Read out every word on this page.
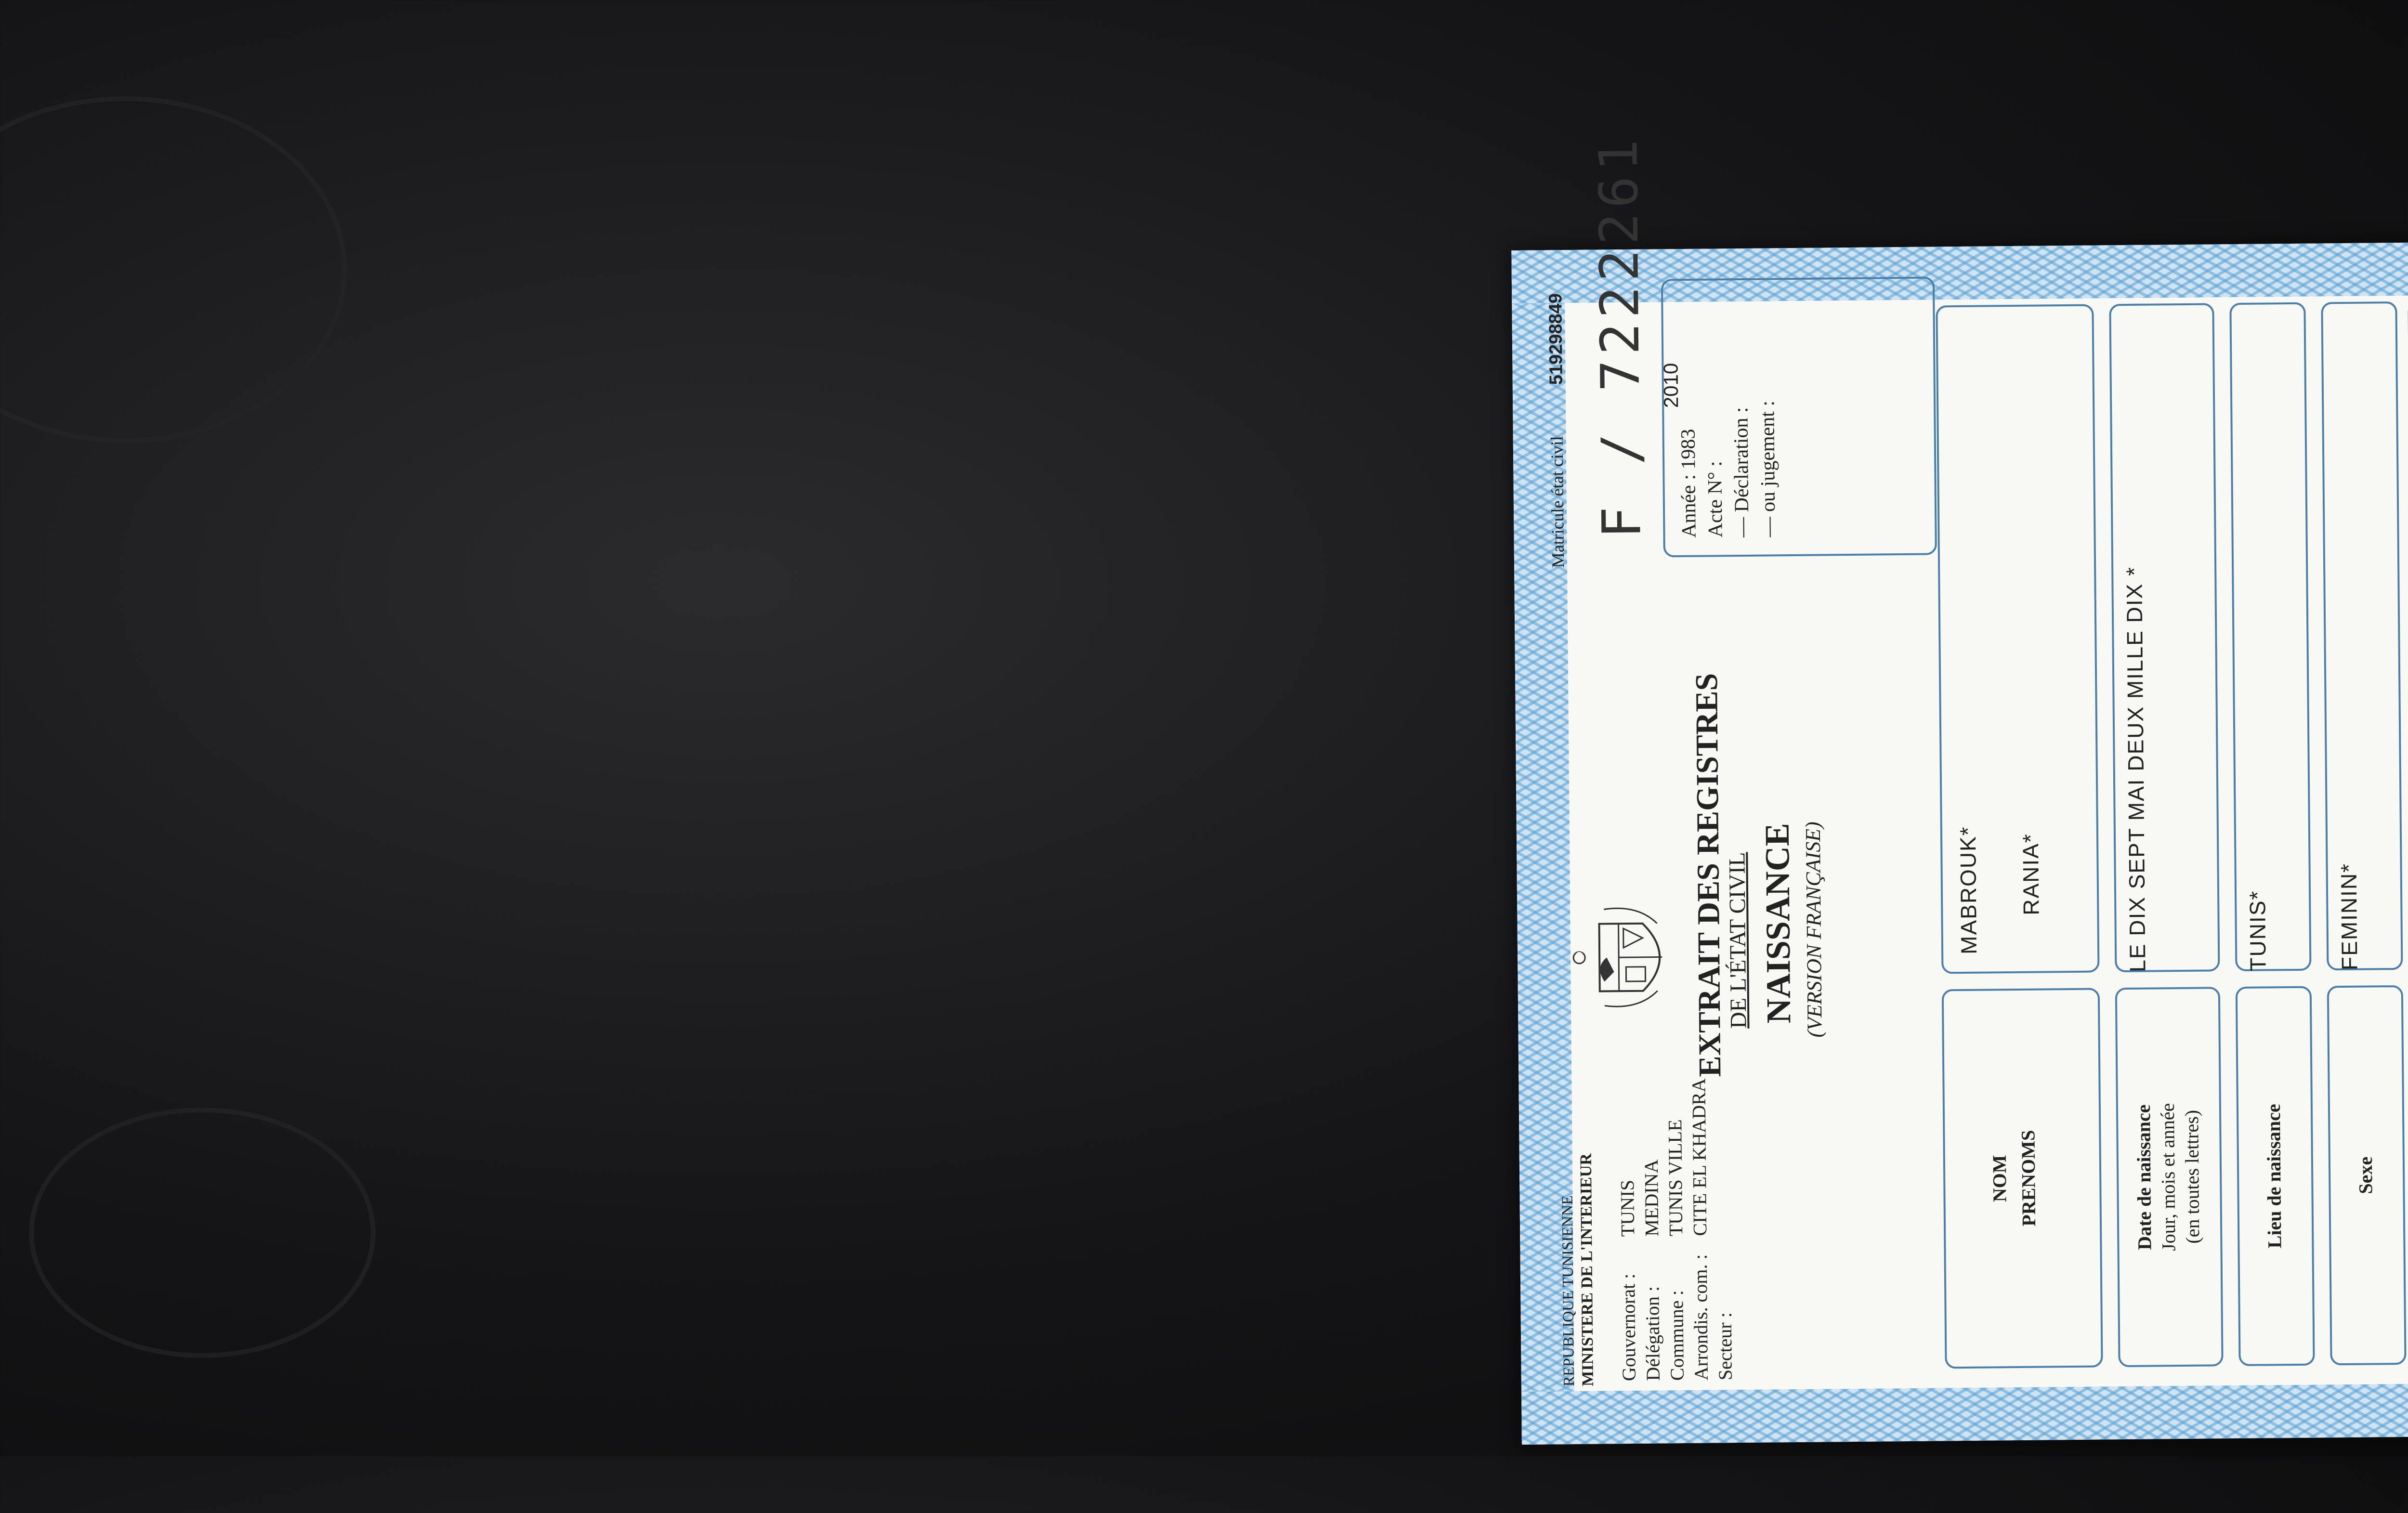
REPUBLIQUE TUNISIENNE MINISTERE DE L'INTERIEUR Gouvernorat :TUNIS
Délégation :MEDINA
Commune :TUNIS VILLE
Arrondis. com. :CITE EL KHADRA
Secteur :
EXTRAIT DES REGISTRES
DE L'ÉTAT CIVIL NAISSANCE (VERSION FRANÇAISE)
Matricule état civil
519298849 F / 7222261 2010
Année : 1983 Acte N° : — Déclaration : — ou jugement :
NOM PRENOMS
MABROUK* RANIA*
Date de naissance Jour, mois et année (en toutes lettres)
LE DIX SEPT MAI DEUX MILLE DIX *
Lieu de naissance
TUNIS*
Sexe
FEMININ*
